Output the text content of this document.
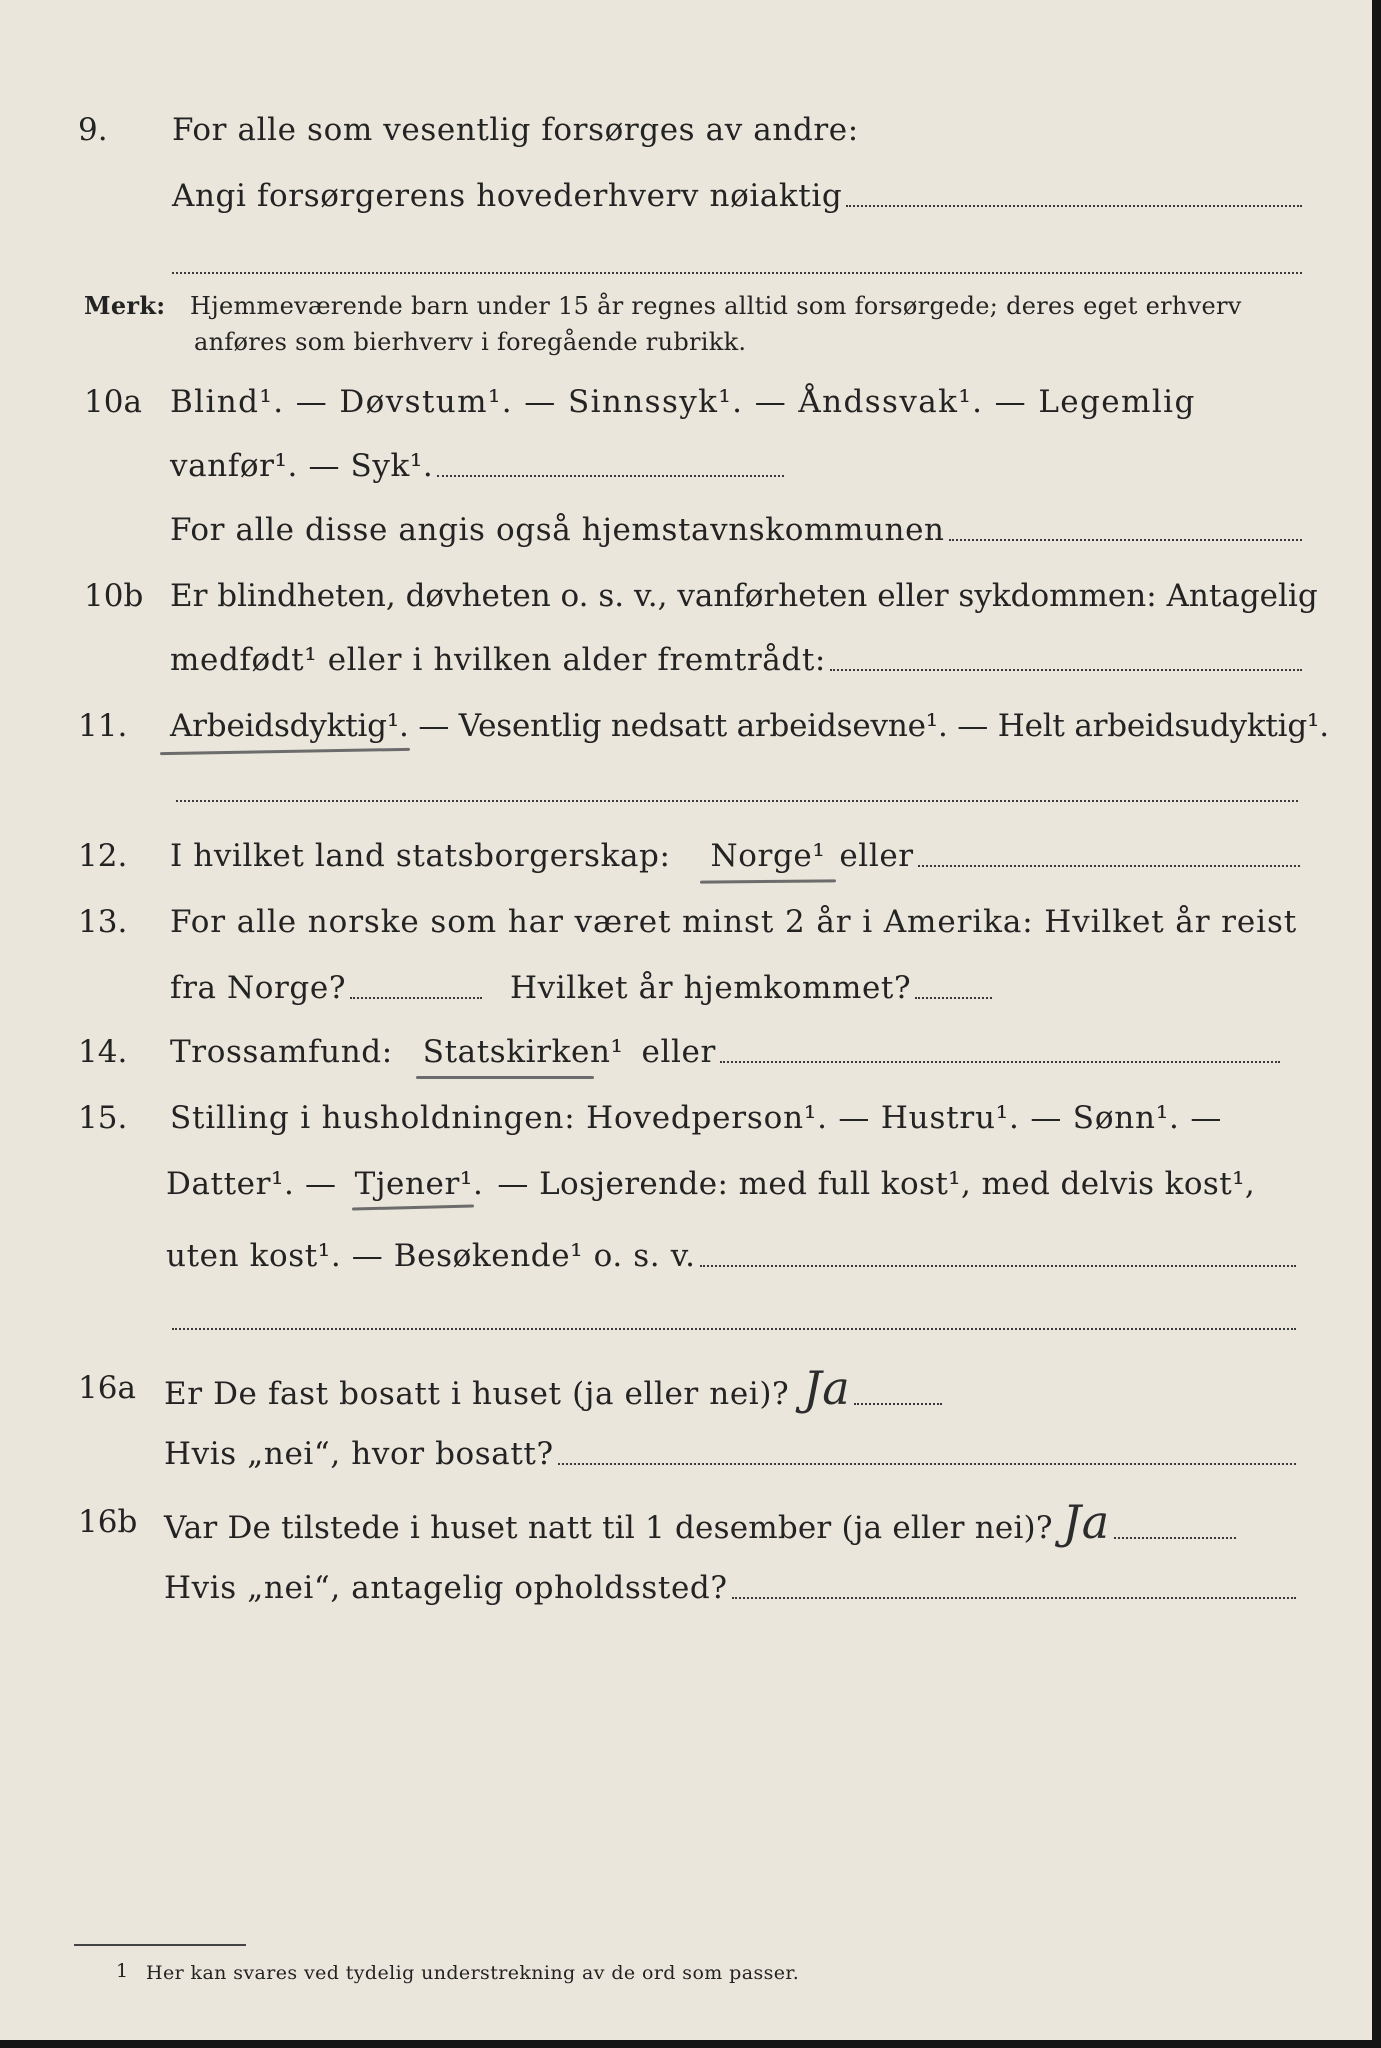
9.	For alle som vesentlig forsørges av andre:
Angi forsørgerens hovederhverv nøiaktig
Merk: Hjemmeværende barn under 15 år regnes alltid som forsørgede; deres eget erhverv
anføres som bierhverv i foregående rubrikk.
10a Blind¹. — Døvstum¹. — Sinnssyk¹. — Åndssvak¹. — Legemlig
vanfør¹. — Syk¹.
For alle disse angis også hjemstavnskommunen
10b Er blindheten, døvheten o. s. v., vanførheten eller sykdommen: Antagelig
medfødt¹ eller i hvilken alder fremtrådt:
11.	Arbeidsdyktig¹. — Vesentlig nedsatt arbeidsevne¹. — Helt arbeidsudyktig¹.
12.	I hvilket land statsborgerskap: Norge¹ eller
13.	For alle norske som har været minst 2 år i Amerika: Hvilket år reist
fra Norge?	Hvilket år hjemkommet?
14.	Trossamfund: Statskirken¹ eller
15.	Stilling i husholdningen: Hovedperson¹. — Hustru¹. — Sønn¹. —
Datter¹. — Tjener¹. — Losjerende: med full kost¹, med delvis kost¹,
uten kost¹. — Besøkende¹ o. s. v.
16a Er De fast bosatt i huset (ja eller nei)? Ja
Hvis „nei“, hvor bosatt?
16b Var De tilstede i huset natt til 1 desember (ja eller nei)? Ja
Hvis „nei“, antagelig opholdssted?
1 Her kan svares ved tydelig understrekning av de ord som passer.
